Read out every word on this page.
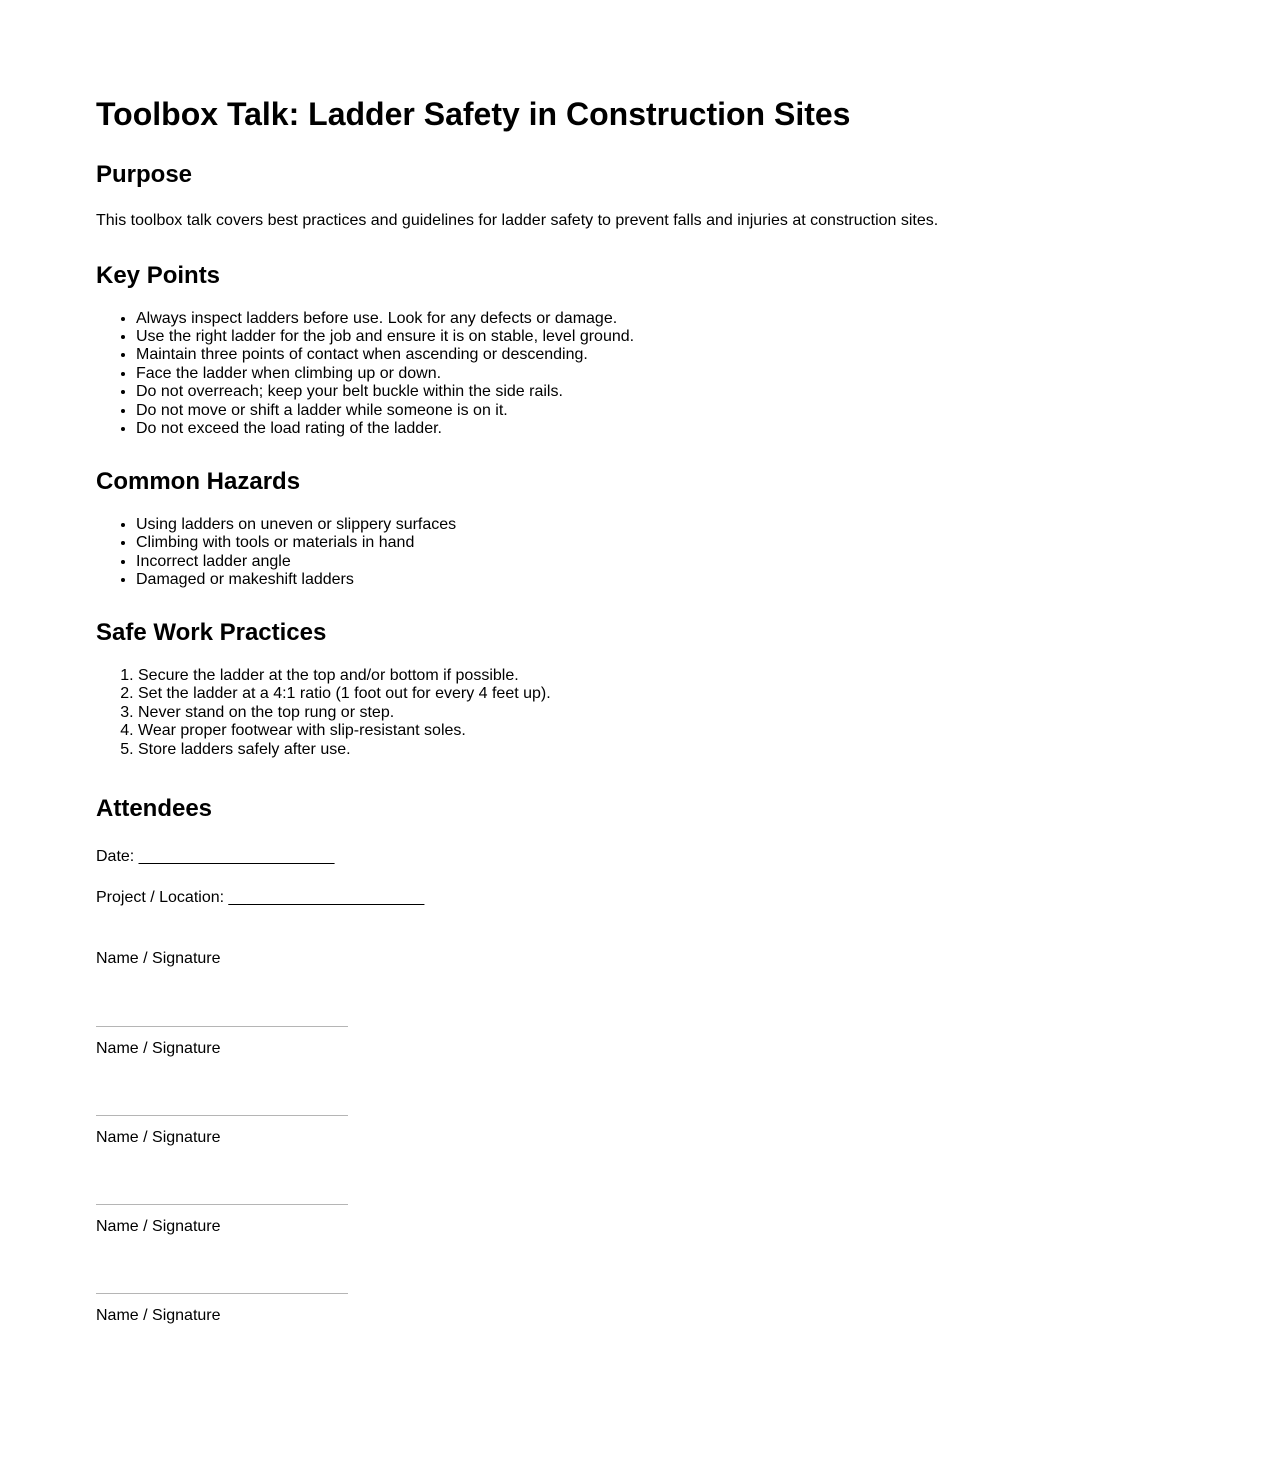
Toolbox Talk: Ladder Safety in Construction Sites
Purpose

This toolbox talk covers best practices and guidelines for ladder safety to prevent falls and injuries at construction sites.

Key Points
• Always inspect ladders before use. Look for any defects or damage.
• Use the right ladder for the job and ensure it is on stable, level ground.
• Maintain three points of contact when ascending or descending.
• Face the ladder when climbing up or down.
• Do not overreach; keep your belt buckle within the side rails.
• Do not move or shift a ladder while someone is on it.
• Do not exceed the load rating of the ladder.
Common Hazards
• Using ladders on uneven or slippery surfaces
• Climbing with tools or materials in hand
• Incorrect ladder angle
• Damaged or makeshift ladders
Safe Work Practices
1. Secure the ladder at the top and/or bottom if possible.
2. Set the ladder at a 4:1 ratio (1 foot out for every 4 feet up).
3. Never stand on the top rung or step.
4. Wear proper footwear with slip-resistant soles.
5. Store ladders safely after use.
Attendees

Date: ______________________

Project / Location: ______________________

Name / Signature
Name / Signature
Name / Signature
Name / Signature
Name / Signature
